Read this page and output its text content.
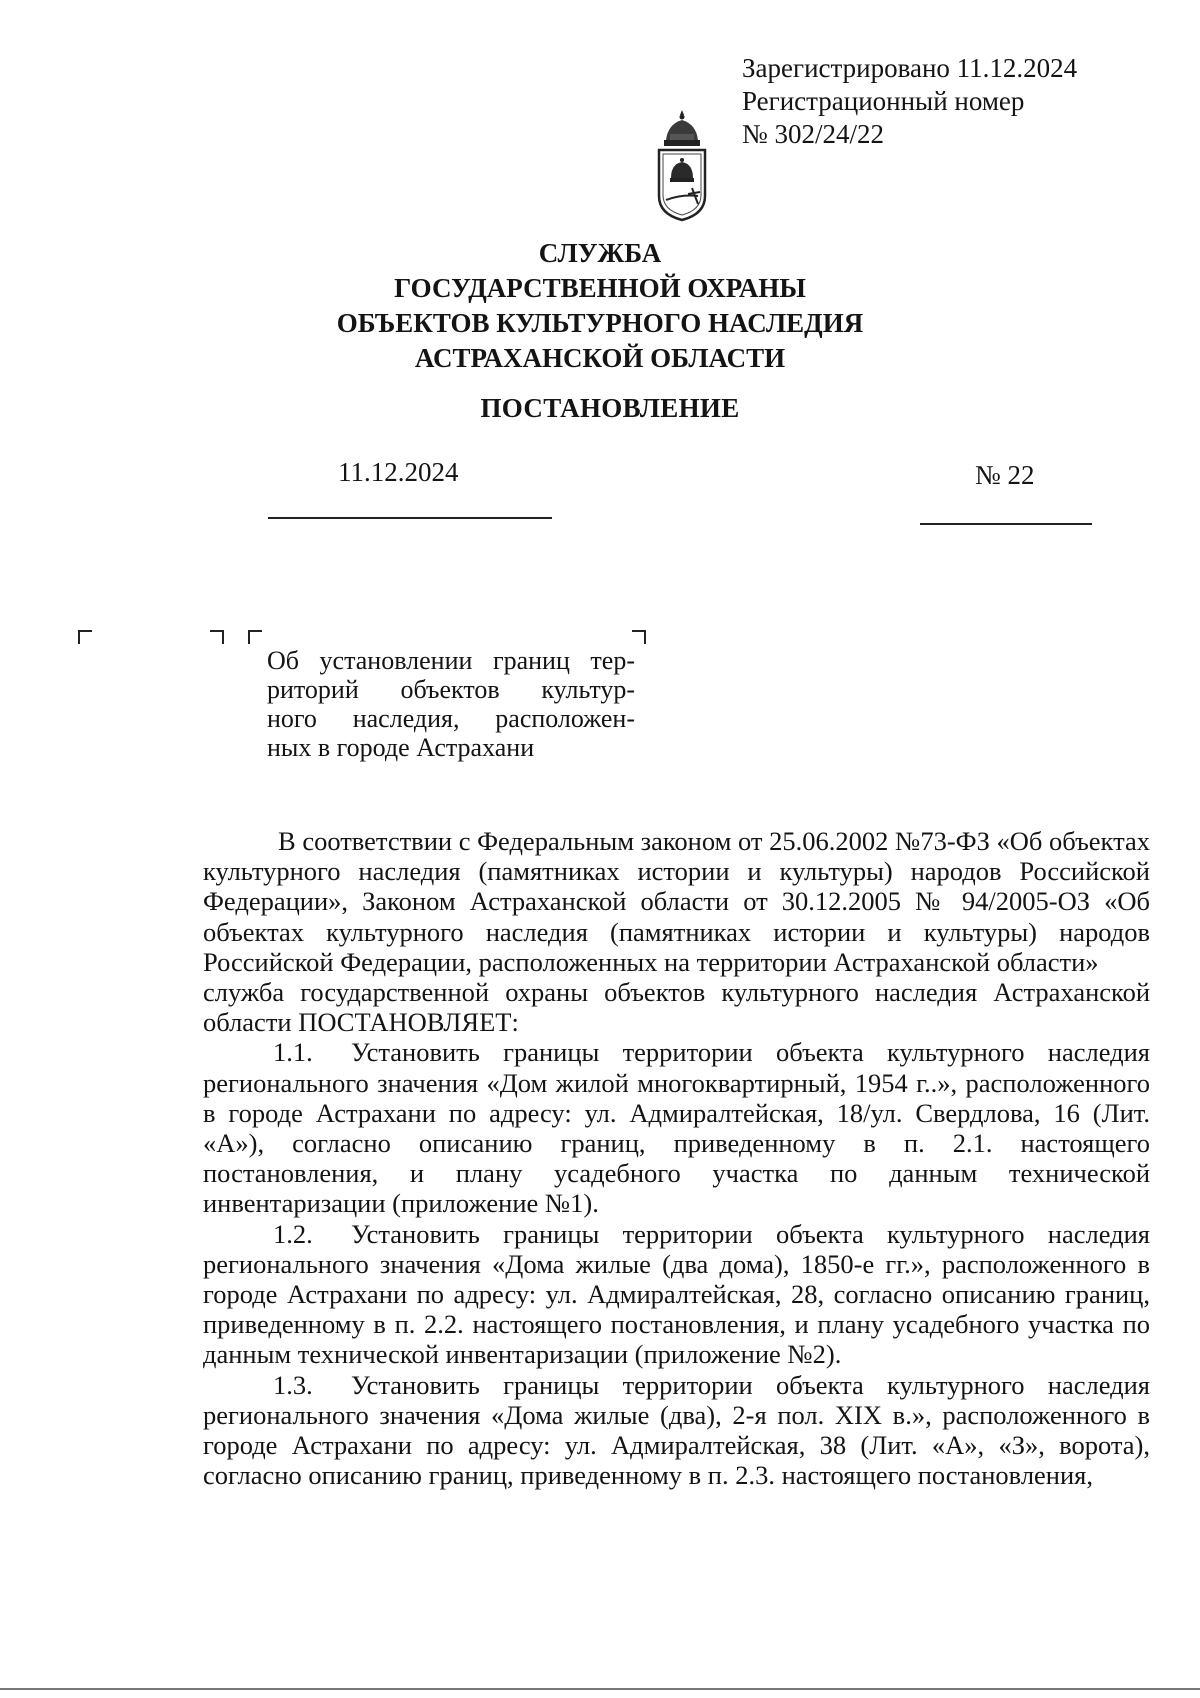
Зарегистрировано 11.12.2024
Регистрационный номер
№ 302/24/22
СЛУЖБА
ГОСУДАРСТВЕННОЙ ОХРАНЫ
ОБЪЕКТОВ КУЛЬТУРНОГО НАСЛЕДИЯ
АСТРАХАНСКОЙ ОБЛАСТИ
ПОСТАНОВЛЕНИЕ
11.12.2024	№ 22
Об установлении границ тер-
риторий объектов культур-
ного наследия, расположен-
ных в городе Астрахани

В соответствии с Федеральным законом от 25.06.2002 №73-ФЗ «Об объектах культурного наследия (памятниках истории и культуры) народов Российской Федерации», Законом Астраханской области от 30.12.2005 № 94/2005-ОЗ «Об объектах культурного наследия (памятниках истории и культуры) народов Российской Федерации, расположенных на территории Астраханской области»

служба государственной охраны объектов культурного наследия Астраханской области ПОСТАНОВЛЯЕТ:

1.1. Установить границы территории объекта культурного наследия регионального значения «Дом жилой многоквартирный, 1954 г..», расположенного в городе Астрахани по адресу: ул. Адмиралтейская, 18/ул. Свердлова, 16 (Лит. «А»), согласно описанию границ, приведенному в п. 2.1. настоящего постановления, и плану усадебного участка по данным технической инвентаризации (приложение №1).

1.2. Установить границы территории объекта культурного наследия регионального значения «Дома жилые (два дома), 1850-е гг.», расположенного в городе Астрахани по адресу: ул. Адмиралтейская, 28, согласно описанию границ, приведенному в п. 2.2. настоящего постановления, и плану усадебного участка по данным технической инвентаризации (приложение №2).

1.3. Установить границы территории объекта культурного наследия регионального значения «Дома жилые (два), 2-я пол. XIX в.», расположенного в городе Астрахани по адресу: ул. Адмиралтейская, 38 (Лит. «А», «З», ворота), согласно описанию границ, приведенному в п. 2.3. настоящего постановления,
